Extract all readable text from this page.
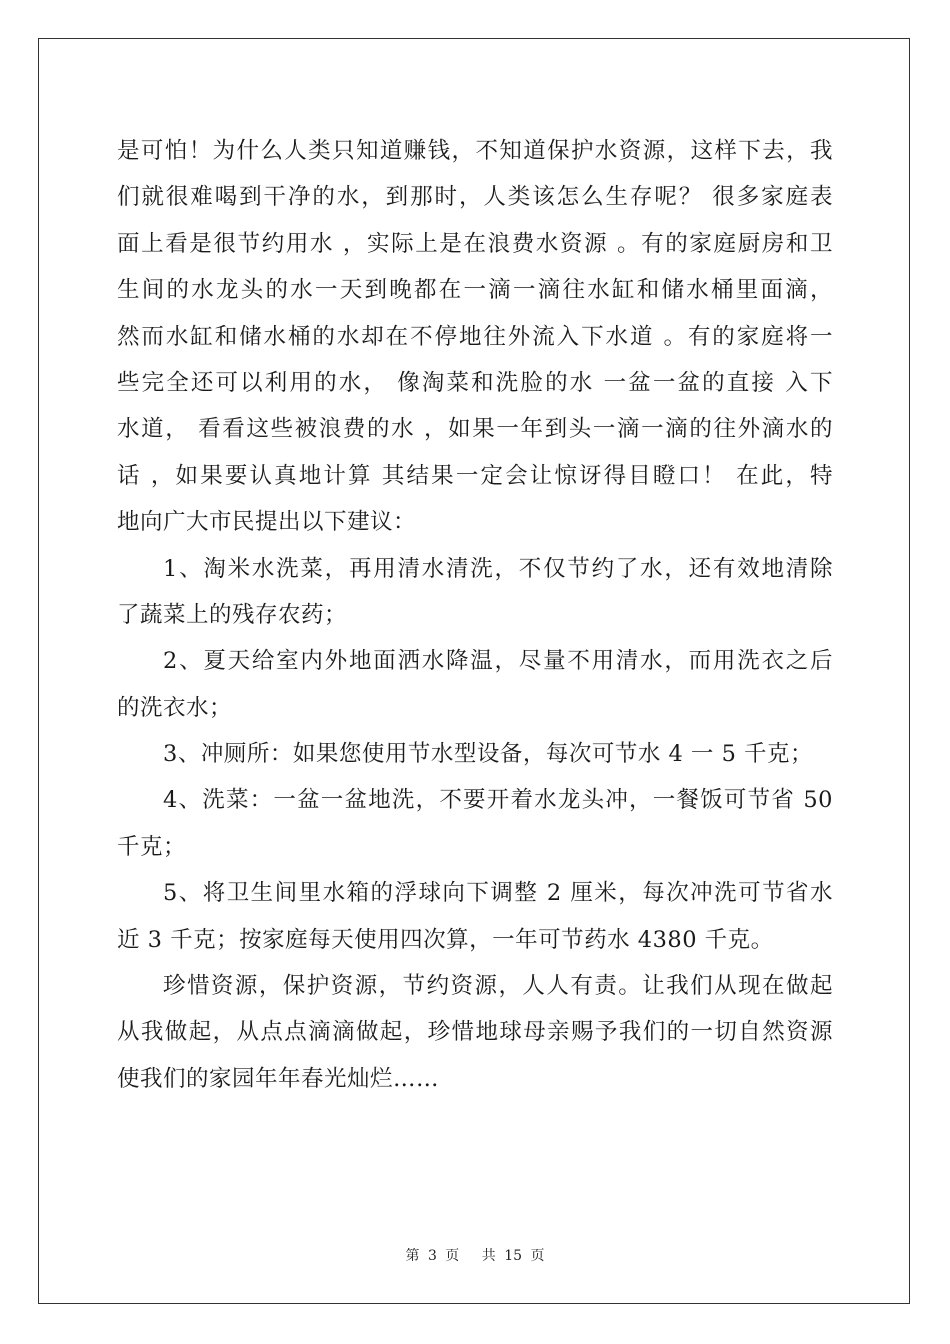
是可怕！为什么人类只知道赚钱，不知道保护水资源，这样下去，我
们就很难喝到干净的水，到那时，人类该怎么生存呢？ 很多家庭表
面上看是很节约用水 ，实际上是在浪费水资源 。有的家庭厨房和卫
生间的水龙头的水一天到晚都在一滴一滴往水缸和储水桶里面滴，
然而水缸和储水桶的水却在不停地往外流入下水道 。有的家庭将一
些完全还可以利用的水， 像淘菜和洗脸的水 一盆一盆的直接 入下
水道， 看看这些被浪费的水 ，如果一年到头一滴一滴的往外滴水的
话 ，如果要认真地计算 其结果一定会让惊讶得目瞪口！ 在此，特
地向广大市民提出以下建议：
1、淘米水洗菜，再用清水清洗，不仅节约了水，还有效地清除
了蔬菜上的残存农药；
2、夏天给室内外地面洒水降温，尽量不用清水，而用洗衣之后
的洗衣水；
3、冲厕所：如果您使用节水型设备，每次可节水 4 一 5 千克；
4、洗菜：一盆一盆地洗，不要开着水龙头冲，一餐饭可节省 50
千克；
5、将卫生间里水箱的浮球向下调整 2 厘米，每次冲洗可节省水
近 3 千克；按家庭每天使用四次算，一年可节药水 4380 千克。
珍惜资源，保护资源，节约资源，人人有责。让我们从现在做起
从我做起，从点点滴滴做起，珍惜地球母亲赐予我们的一切自然资源
使我们的家园年年春光灿烂……
第 3 页　 共 15 页
